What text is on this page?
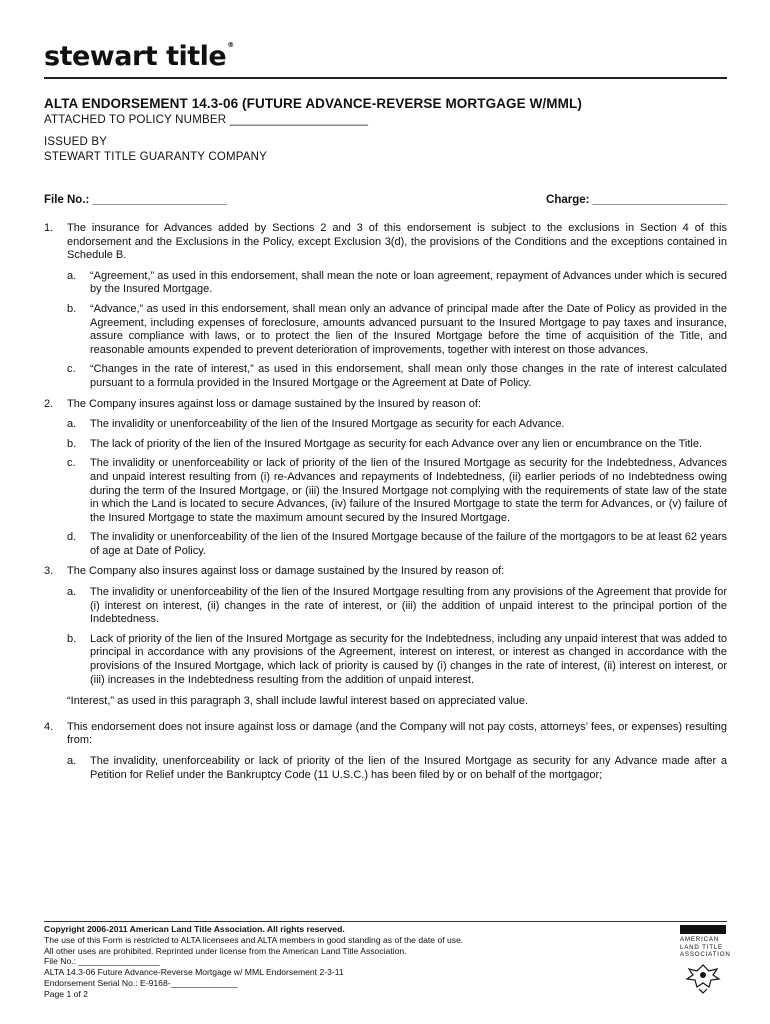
stewart title®
ALTA ENDORSEMENT 14.3-06 (FUTURE ADVANCE-REVERSE MORTGAGE W/MML)
ATTACHED TO POLICY NUMBER _____________________
ISSUED BY
STEWART TITLE GUARANTY COMPANY
File No.: _____________________	Charge: _____________________
1.	The insurance for Advances added by Sections 2 and 3 of this endorsement is subject to the exclusions in Section 4 of this endorsement and the Exclusions in the Policy, except Exclusion 3(d), the provisions of the Conditions and the exceptions contained in Schedule B.
a.	“Agreement,” as used in this endorsement, shall mean the note or loan agreement, repayment of Advances under which is secured by the Insured Mortgage.
b.	“Advance,” as used in this endorsement, shall mean only an advance of principal made after the Date of Policy as provided in the Agreement, including expenses of foreclosure, amounts advanced pursuant to the Insured Mortgage to pay taxes and insurance, assure compliance with laws, or to protect the lien of the Insured Mortgage before the time of acquisition of the Title, and reasonable amounts expended to prevent deterioration of improvements, together with interest on those advances.
c.	“Changes in the rate of interest,” as used in this endorsement, shall mean only those changes in the rate of interest calculated pursuant to a formula provided in the Insured Mortgage or the Agreement at Date of Policy.
2.	The Company insures against loss or damage sustained by the Insured by reason of:
a.	The invalidity or unenforceability of the lien of the Insured Mortgage as security for each Advance.
b.	The lack of priority of the lien of the Insured Mortgage as security for each Advance over any lien or encumbrance on the Title.
c.	The invalidity or unenforceability or lack of priority of the lien of the Insured Mortgage as security for the Indebtedness, Advances and unpaid interest resulting from (i) re-Advances and repayments of Indebtedness, (ii) earlier periods of no Indebtedness owing during the term of the Insured Mortgage, or (iii) the Insured Mortgage not complying with the requirements of state law of the state in which the Land is located to secure Advances, (iv) failure of the Insured Mortgage to state the term for Advances, or (v) failure of the Insured Mortgage to state the maximum amount secured by the Insured Mortgage.
d.	The invalidity or unenforceability of the lien of the Insured Mortgage because of the failure of the mortgagors to be at least 62 years of age at Date of Policy.
3.	The Company also insures against loss or damage sustained by the Insured by reason of:
a.	The invalidity or unenforceability of the lien of the Insured Mortgage resulting from any provisions of the Agreement that provide for (i) interest on interest, (ii) changes in the rate of interest, or (iii) the addition of unpaid interest to the principal portion of the Indebtedness.
b.	Lack of priority of the lien of the Insured Mortgage as security for the Indebtedness, including any unpaid interest that was added to principal in accordance with any provisions of the Agreement, interest on interest, or interest as changed in accordance with the provisions of the Insured Mortgage, which lack of priority is caused by (i) changes in the rate of interest, (ii) interest on interest, or (iii) increases in the Indebtedness resulting from the addition of unpaid interest.
“Interest,” as used in this paragraph 3, shall include lawful interest based on appreciated value.
4.	This endorsement does not insure against loss or damage (and the Company will not pay costs, attorneys’ fees, or expenses) resulting from:
a.	The invalidity, unenforceability or lack of priority of the lien of the Insured Mortgage as security for any Advance made after a Petition for Relief under the Bankruptcy Code (11 U.S.C.) has been filed by or on behalf of the mortgagor;
Copyright 2006-2011 American Land Title Association. All rights reserved.
The use of this Form is restricted to ALTA licensees and ALTA members in good standing as of the date of use.
All other uses are prohibited. Reprinted under license from the American Land Title Association.
File No.: _________________
ALTA 14.3-06 Future Advance-Reverse Mortgage w/ MML Endorsement 2-3-11
Endorsement Serial No.: E-9168-______________
Page 1 of 2
AMERICAN
LAND TITLE
ASSOCIATION
